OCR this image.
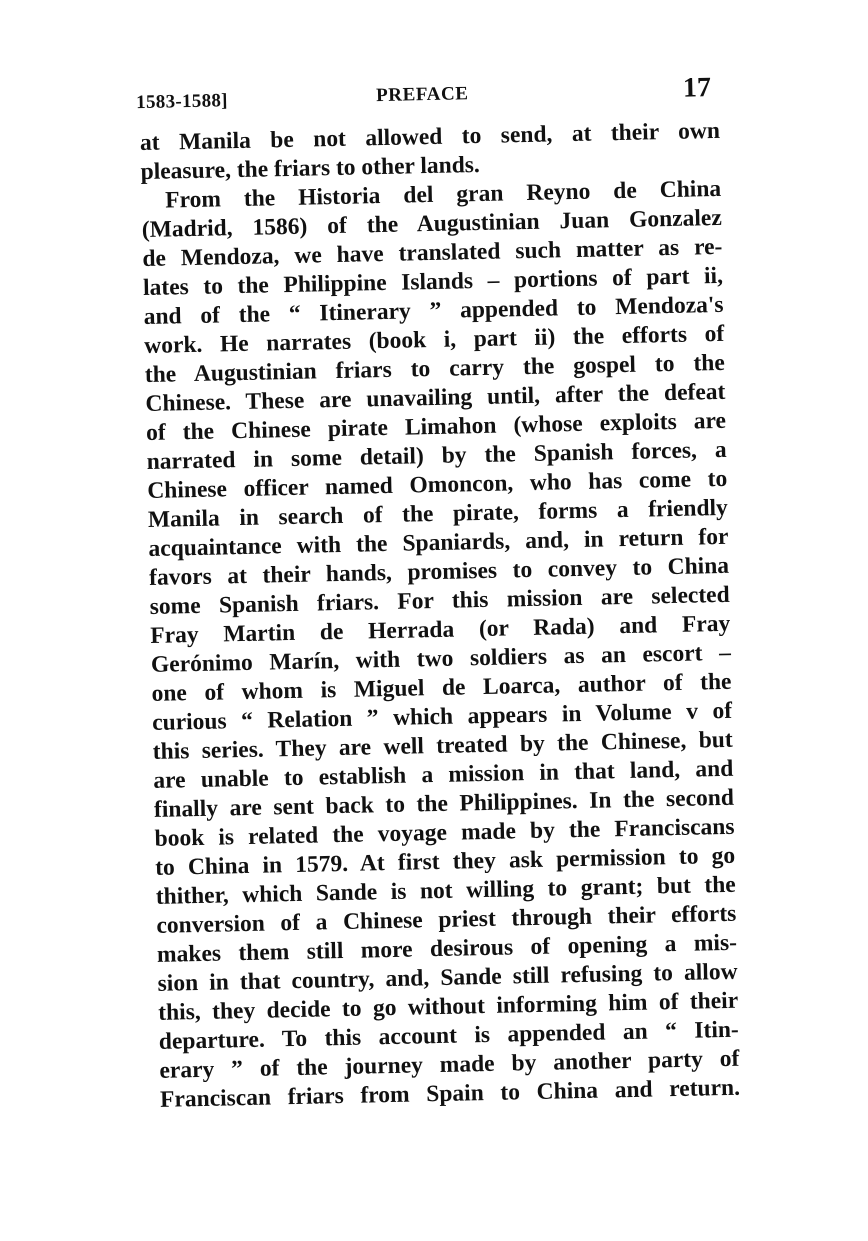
1583-1588]	PREFACE	17
at Manila be not allowed to send, at their own
pleasure, the friars to other lands.
From the Historia del gran Reyno de China
(Madrid, 1586) of the Augustinian Juan Gonzalez
de Mendoza, we have translated such matter as re-
lates to the Philippine Islands – portions of part ii,
and of the “ Itinerary ” appended to Mendoza's
work. He narrates (book i, part ii) the efforts of
the Augustinian friars to carry the gospel to the
Chinese. These are unavailing until, after the defeat
of the Chinese pirate Limahon (whose exploits are
narrated in some detail) by the Spanish forces, a
Chinese officer named Omoncon, who has come to
Manila in search of the pirate, forms a friendly
acquaintance with the Spaniards, and, in return for
favors at their hands, promises to convey to China
some Spanish friars. For this mission are selected
Fray Martin de Herrada (or Rada) and Fray
Gerónimo Marín, with two soldiers as an escort –
one of whom is Miguel de Loarca, author of the
curious “ Relation ” which appears in Volume v of
this series. They are well treated by the Chinese, but
are unable to establish a mission in that land, and
finally are sent back to the Philippines. In the second
book is related the voyage made by the Franciscans
to China in 1579. At first they ask permission to go
thither, which Sande is not willing to grant; but the
conversion of a Chinese priest through their efforts
makes them still more desirous of opening a mis-
sion in that country, and, Sande still refusing to allow
this, they decide to go without informing him of their
departure. To this account is appended an “ Itin-
erary ” of the journey made by another party of
Franciscan friars from Spain to China and return.
